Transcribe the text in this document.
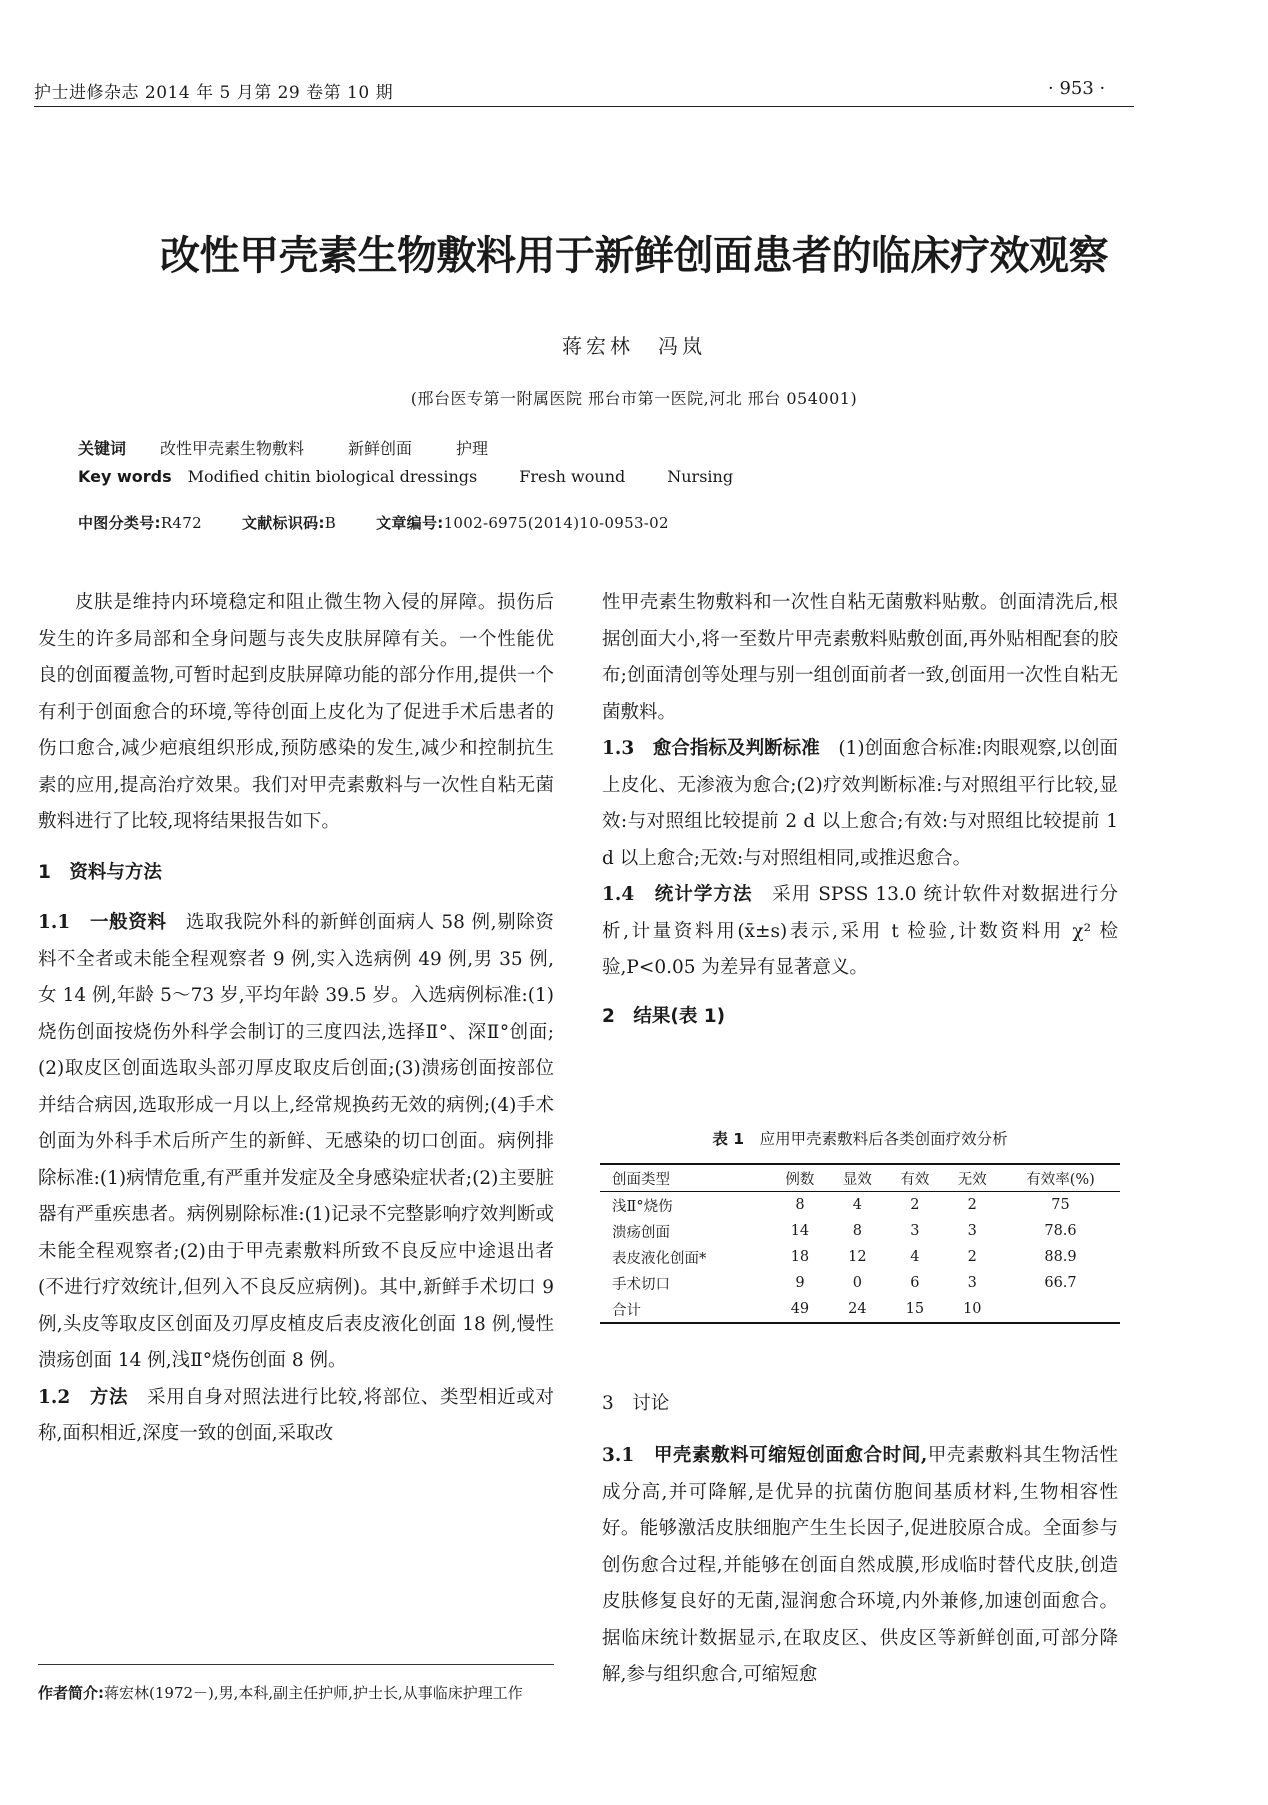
护士进修杂志 2014 年 5 月第 29 卷第 10 期	· 953 ·
改性甲壳素生物敷料用于新鲜创面患者的临床疗效观察
蒋宏林　冯岚
(邢台医专第一附属医院 邢台市第一医院,河北 邢台 054001)
关键词 改性甲壳素生物敷料	新鲜创面	护理
Key words Modified chitin biological dressings	Fresh wound	Nursing
中图分类号:R472	文献标识码:B	文章编号:1002-6975(2014)10-0953-02

皮肤是维持内环境稳定和阻止微生物入侵的屏障。损伤后发生的许多局部和全身问题与丧失皮肤屏障有关。一个性能优良的创面覆盖物,可暂时起到皮肤屏障功能的部分作用,提供一个有利于创面愈合的环境,等待创面上皮化为了促进手术后患者的伤口愈合,减少疤痕组织形成,预防感染的发生,减少和控制抗生素的应用,提高治疗效果。我们对甲壳素敷料与一次性自粘无菌敷料进行了比较,现将结果报告如下。

1　资料与方法

1.1　一般资料　 选取我院外科的新鲜创面病人 58 例,剔除资料不全者或未能全程观察者 9 例,实入选病例 49 例,男 35 例,女 14 例,年龄 5～73 岁,平均年龄 39.5 岁。入选病例标准:(1)烧伤创面按烧伤外科学会制订的三度四法,选择Ⅱ°、深Ⅱ°创面;(2)取皮区创面选取头部刃厚皮取皮后创面;(3)溃疡创面按部位并结合病因,选取形成一月以上,经常规换药无效的病例;(4)手术创面为外科手术后所产生的新鲜、无感染的切口创面。病例排除标准:(1)病情危重,有严重并发症及全身感染症状者;(2)主要脏器有严重疾患者。病例剔除标准:(1)记录不完整影响疗效判断或未能全程观察者;(2)由于甲壳素敷料所致不良反应中途退出者(不进行疗效统计,但列入不良反应病例)。其中,新鲜手术切口 9 例,头皮等取皮区创面及刃厚皮植皮后表皮液化创面 18 例,慢性溃疡创面 14 例,浅Ⅱ°烧伤创面 8 例。

1.2　方法　 采用自身对照法进行比较,将部位、类型相近或对称,面积相近,深度一致的创面,采取改

作者简介:蒋宏林(1972－),男,本科,副主任护师,护士长,从事临床护理工作

性甲壳素生物敷料和一次性自粘无菌敷料贴敷。创面清洗后,根据创面大小,将一至数片甲壳素敷料贴敷创面,再外贴相配套的胶布;创面清创等处理与别一组创面前者一致,创面用一次性自粘无菌敷料。

1.3　愈合指标及判断标准　 (1)创面愈合标准:肉眼观察,以创面上皮化、无渗液为愈合;(2)疗效判断标准:与对照组平行比较,显效:与对照组比较提前 2 d 以上愈合;有效:与对照组比较提前 1 d 以上愈合;无效:与对照组相同,或推迟愈合。

1.4　统计学方法　 采用 SPSS 13.0 统计软件对数据进行分析,计量资料用(x̄±s)表示,采用 t 检验,计数资料用 χ² 检验,P<0.05 为差异有显著意义。

2　结果(表 1)

表 1　 应用甲壳素敷料后各类创面疗效分析
创面类型	例数	显效	有效	无效	有效率(%)
浅Ⅱ°烧伤	8	4	2	2	75
溃疡创面	14	8	3	3	78.6
表皮液化创面*	18	12	4	2	88.9
手术切口	9	0	6	3	66.7
合计	49	24	15	10	
3　讨论

3.1　甲壳素敷料可缩短创面愈合时间,甲壳素敷料其生物活性成分高,并可降解,是优异的抗菌仿胞间基质材料,生物相容性好。能够激活皮肤细胞产生生长因子,促进胶原合成。全面参与创伤愈合过程,并能够在创面自然成膜,形成临时替代皮肤,创造皮肤修复良好的无菌,湿润愈合环境,内外兼修,加速创面愈合。据临床统计数据显示,在取皮区、供皮区等新鲜创面,可部分降解,参与组织愈合,可缩短愈
